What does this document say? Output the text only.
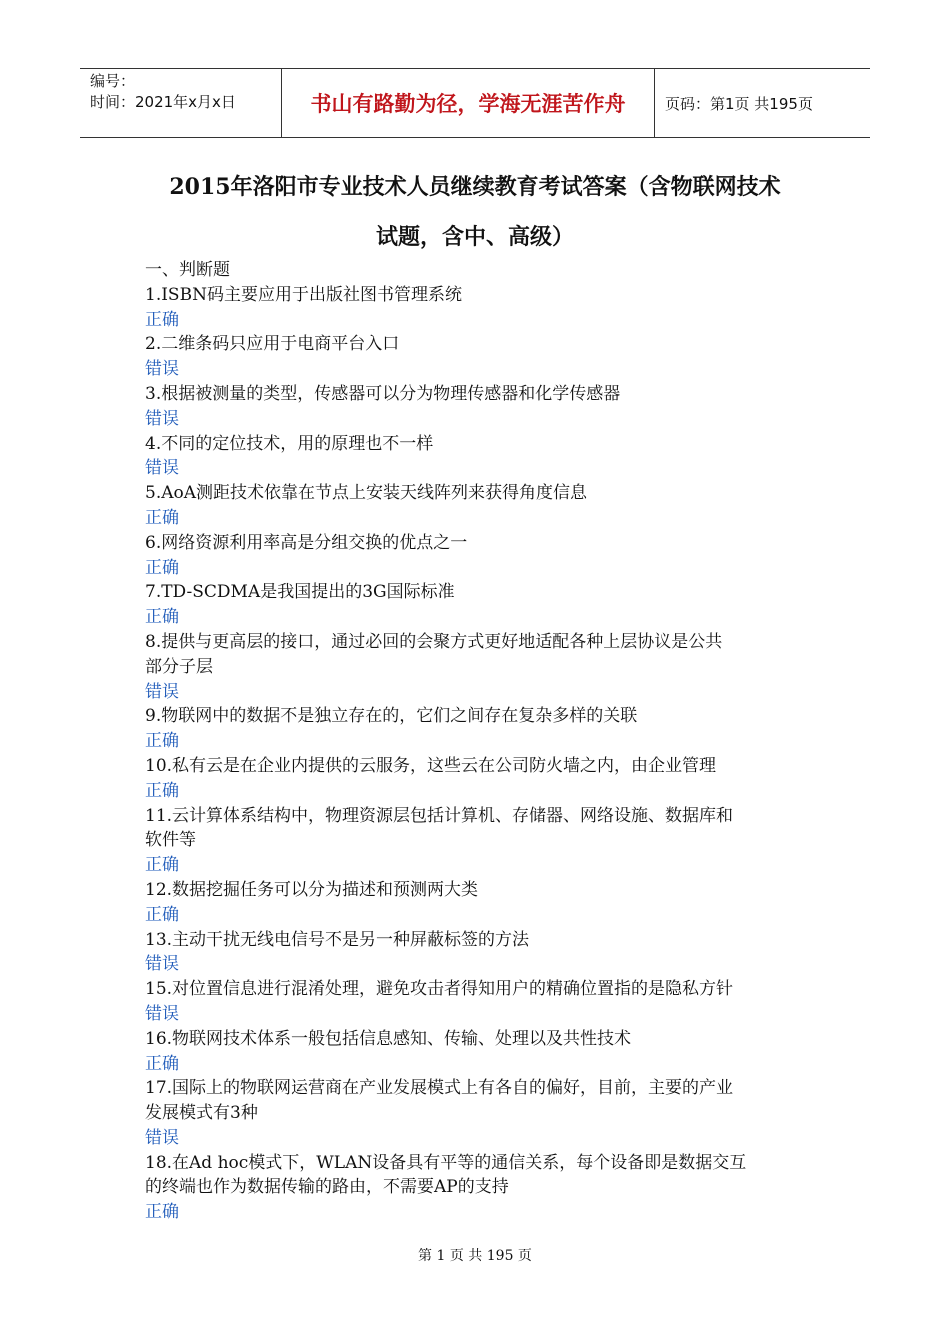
编号：
时间：2021年x月x日	书山有路勤为径，学海无涯苦作舟	页码：第1页 共195页
2015年洛阳市专业技术人员继续教育考试答案（含物联网技术
试题，含中、高级）
一、判断题
1.ISBN码主要应用于出版社图书管理系统
正确
2.二维条码只应用于电商平台入口
错误
3.根据被测量的类型，传感器可以分为物理传感器和化学传感器
错误
4.不同的定位技术，用的原理也不一样
错误
5.AoA测距技术依靠在节点上安装天线阵列来获得角度信息
正确
6.网络资源利用率高是分组交换的优点之一
正确
7.TD-SCDMA是我国提出的3G国际标准
正确
8.提供与更高层的接口，通过必回的会聚方式更好地适配各种上层协议是公共
部分子层
错误
9.物联网中的数据不是独立存在的，它们之间存在复杂多样的关联
正确
10.私有云是在企业内提供的云服务，这些云在公司防火墙之内，由企业管理
正确
11.云计算体系结构中，物理资源层包括计算机、存储器、网络设施、数据库和
软件等
正确
12.数据挖掘任务可以分为描述和预测两大类
正确
13.主动干扰无线电信号不是另一种屏蔽标签的方法
错误
15.对位置信息进行混淆处理，避免攻击者得知用户的精确位置指的是隐私方针
错误
16.物联网技术体系一般包括信息感知、传输、处理以及共性技术
正确
17.国际上的物联网运营商在产业发展模式上有各自的偏好，目前，主要的产业
发展模式有3种
错误
18.在Ad hoc模式下，WLAN设备具有平等的通信关系，每个设备即是数据交互
的终端也作为数据传输的路由，不需要AP的支持
正确
第 1 页 共 195 页
